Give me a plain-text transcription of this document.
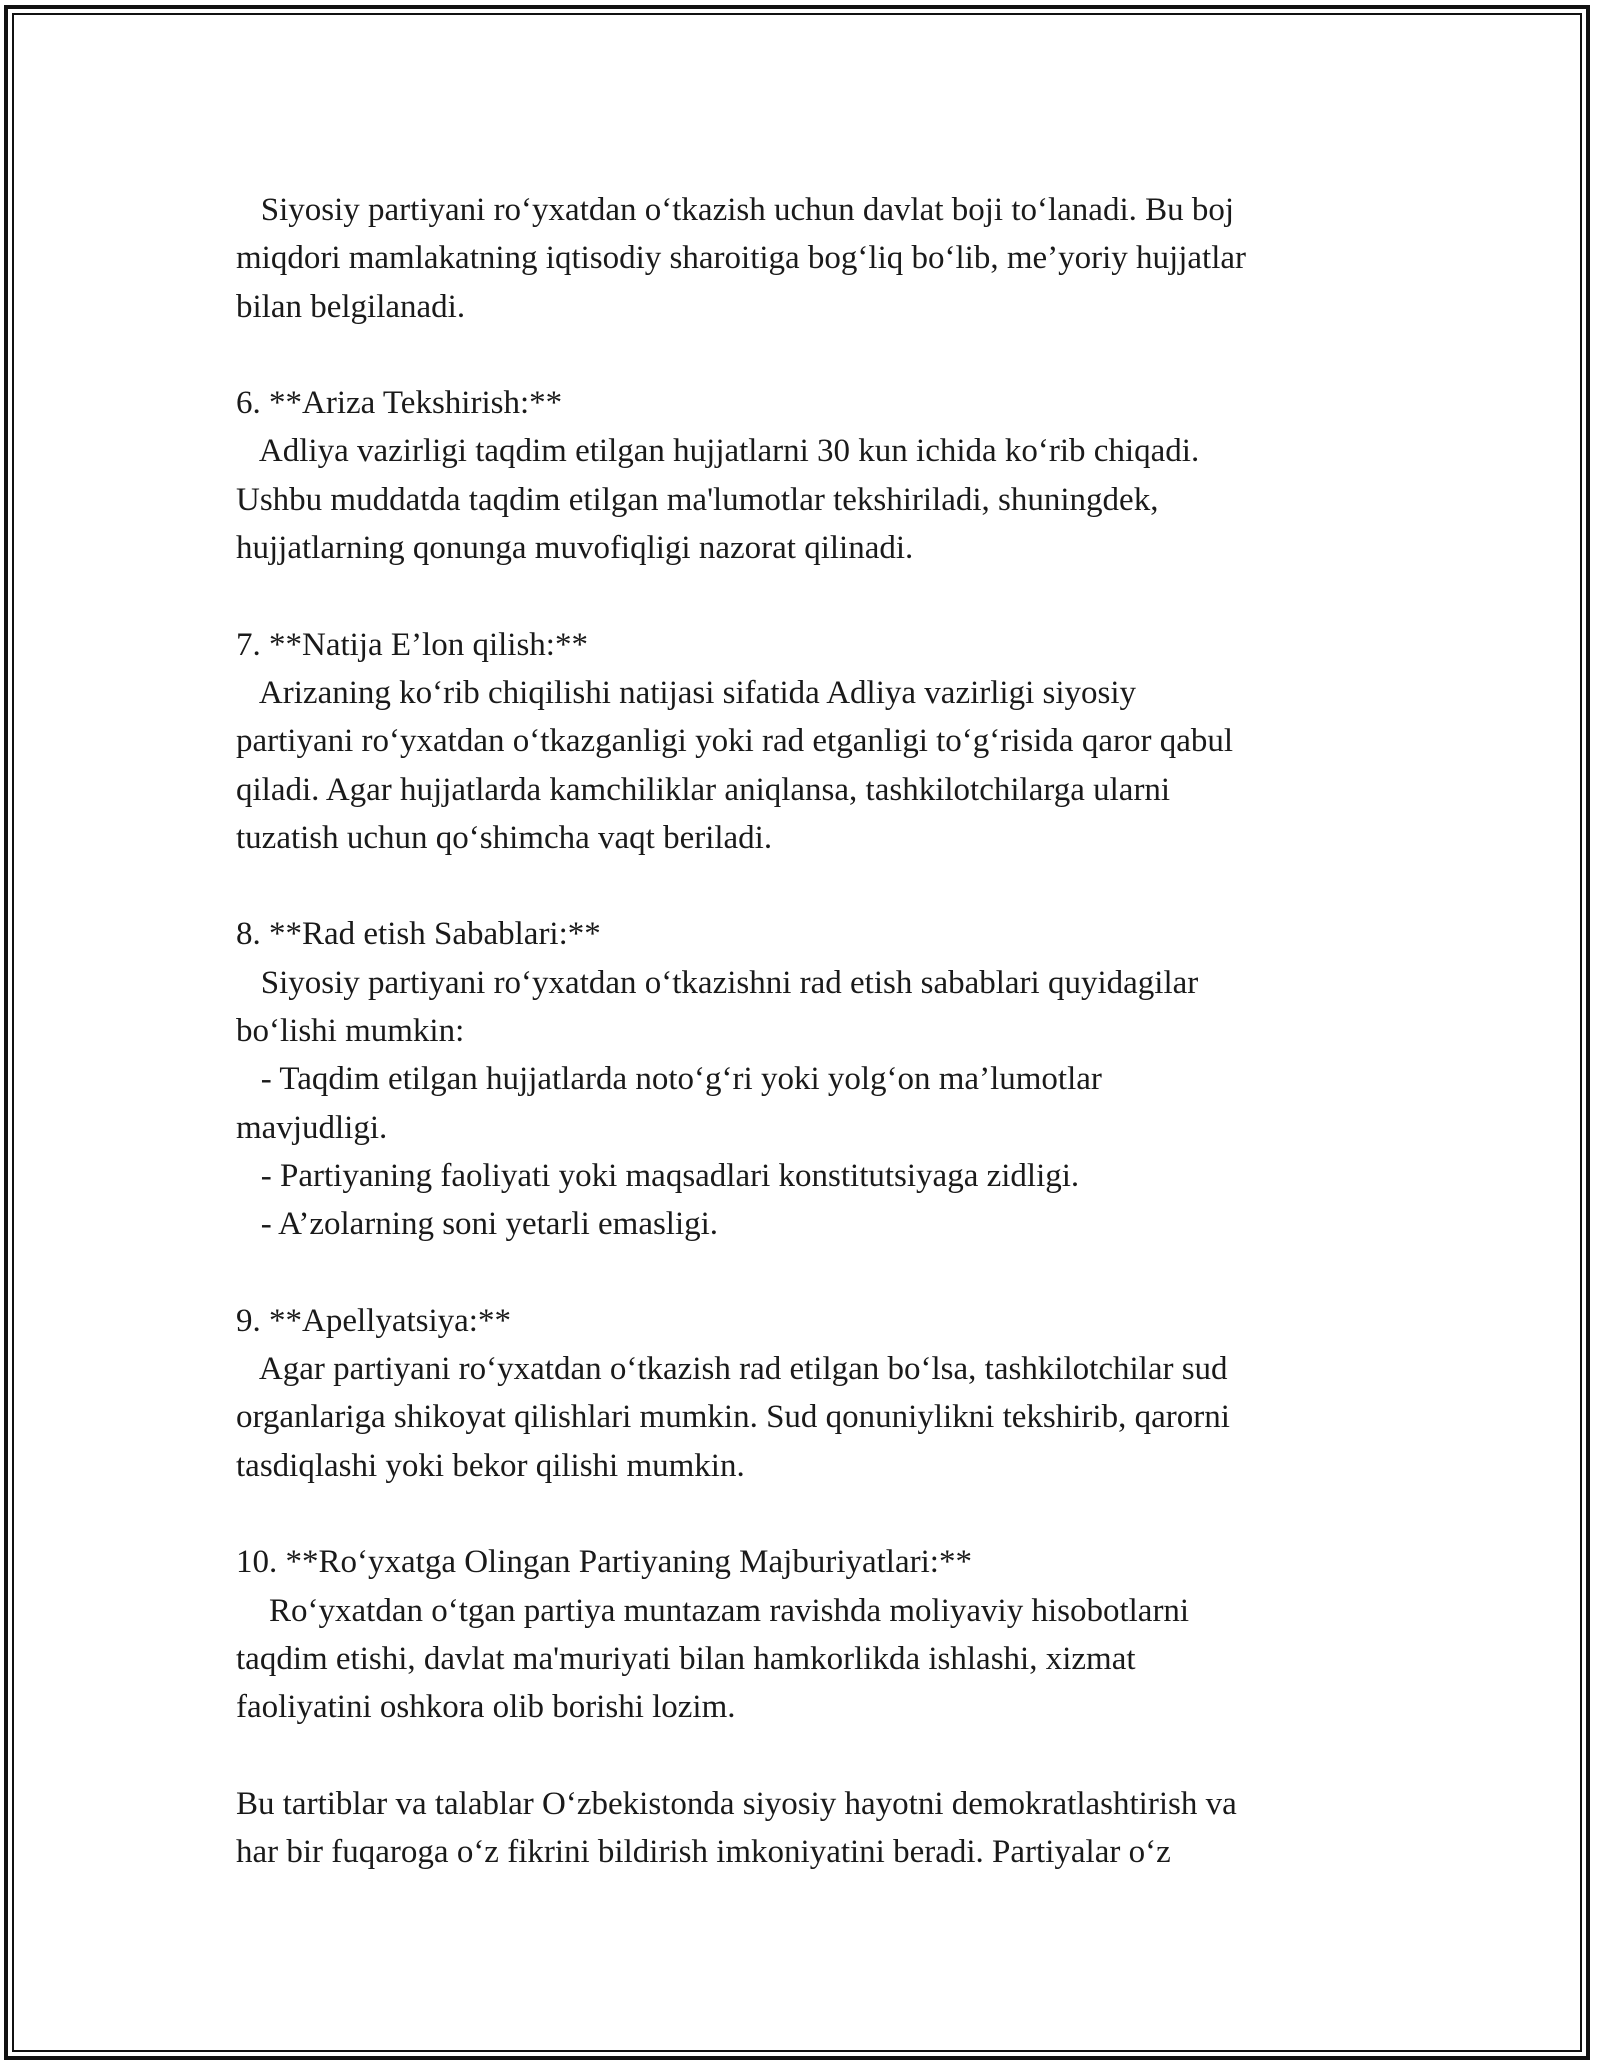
Siyosiy partiyani ro‘yxatdan o‘tkazish uchun davlat boji to‘lanadi. Bu boj
miqdori mamlakatning iqtisodiy sharoitiga bog‘liq bo‘lib, me’yoriy hujjatlar
bilan belgilanadi.
6. **Ariza Tekshirish:**
Adliya vazirligi taqdim etilgan hujjatlarni 30 kun ichida ko‘rib chiqadi.
Ushbu muddatda taqdim etilgan ma'lumotlar tekshiriladi, shuningdek,
hujjatlarning qonunga muvofiqligi nazorat qilinadi.
7. **Natija E’lon qilish:**
Arizaning ko‘rib chiqilishi natijasi sifatida Adliya vazirligi siyosiy
partiyani ro‘yxatdan o‘tkazganligi yoki rad etganligi to‘g‘risida qaror qabul
qiladi. Agar hujjatlarda kamchiliklar aniqlansa, tashkilotchilarga ularni
tuzatish uchun qo‘shimcha vaqt beriladi.
8. **Rad etish Sabablari:**
Siyosiy partiyani ro‘yxatdan o‘tkazishni rad etish sabablari quyidagilar
bo‘lishi mumkin:
- Taqdim etilgan hujjatlarda noto‘g‘ri yoki yolg‘on ma’lumotlar
mavjudligi.
- Partiyaning faoliyati yoki maqsadlari konstitutsiyaga zidligi.
- A’zolarning soni yetarli emasligi.
9. **Apellyatsiya:**
Agar partiyani ro‘yxatdan o‘tkazish rad etilgan bo‘lsa, tashkilotchilar sud
organlariga shikoyat qilishlari mumkin. Sud qonuniylikni tekshirib, qarorni
tasdiqlashi yoki bekor qilishi mumkin.
10. **Ro‘yxatga Olingan Partiyaning Majburiyatlari:**
Ro‘yxatdan o‘tgan partiya muntazam ravishda moliyaviy hisobotlarni
taqdim etishi, davlat ma'muriyati bilan hamkorlikda ishlashi, xizmat
faoliyatini oshkora olib borishi lozim.
Bu tartiblar va talablar O‘zbekistonda siyosiy hayotni demokratlashtirish va
har bir fuqaroga o‘z fikrini bildirish imkoniyatini beradi. Partiyalar o‘z
